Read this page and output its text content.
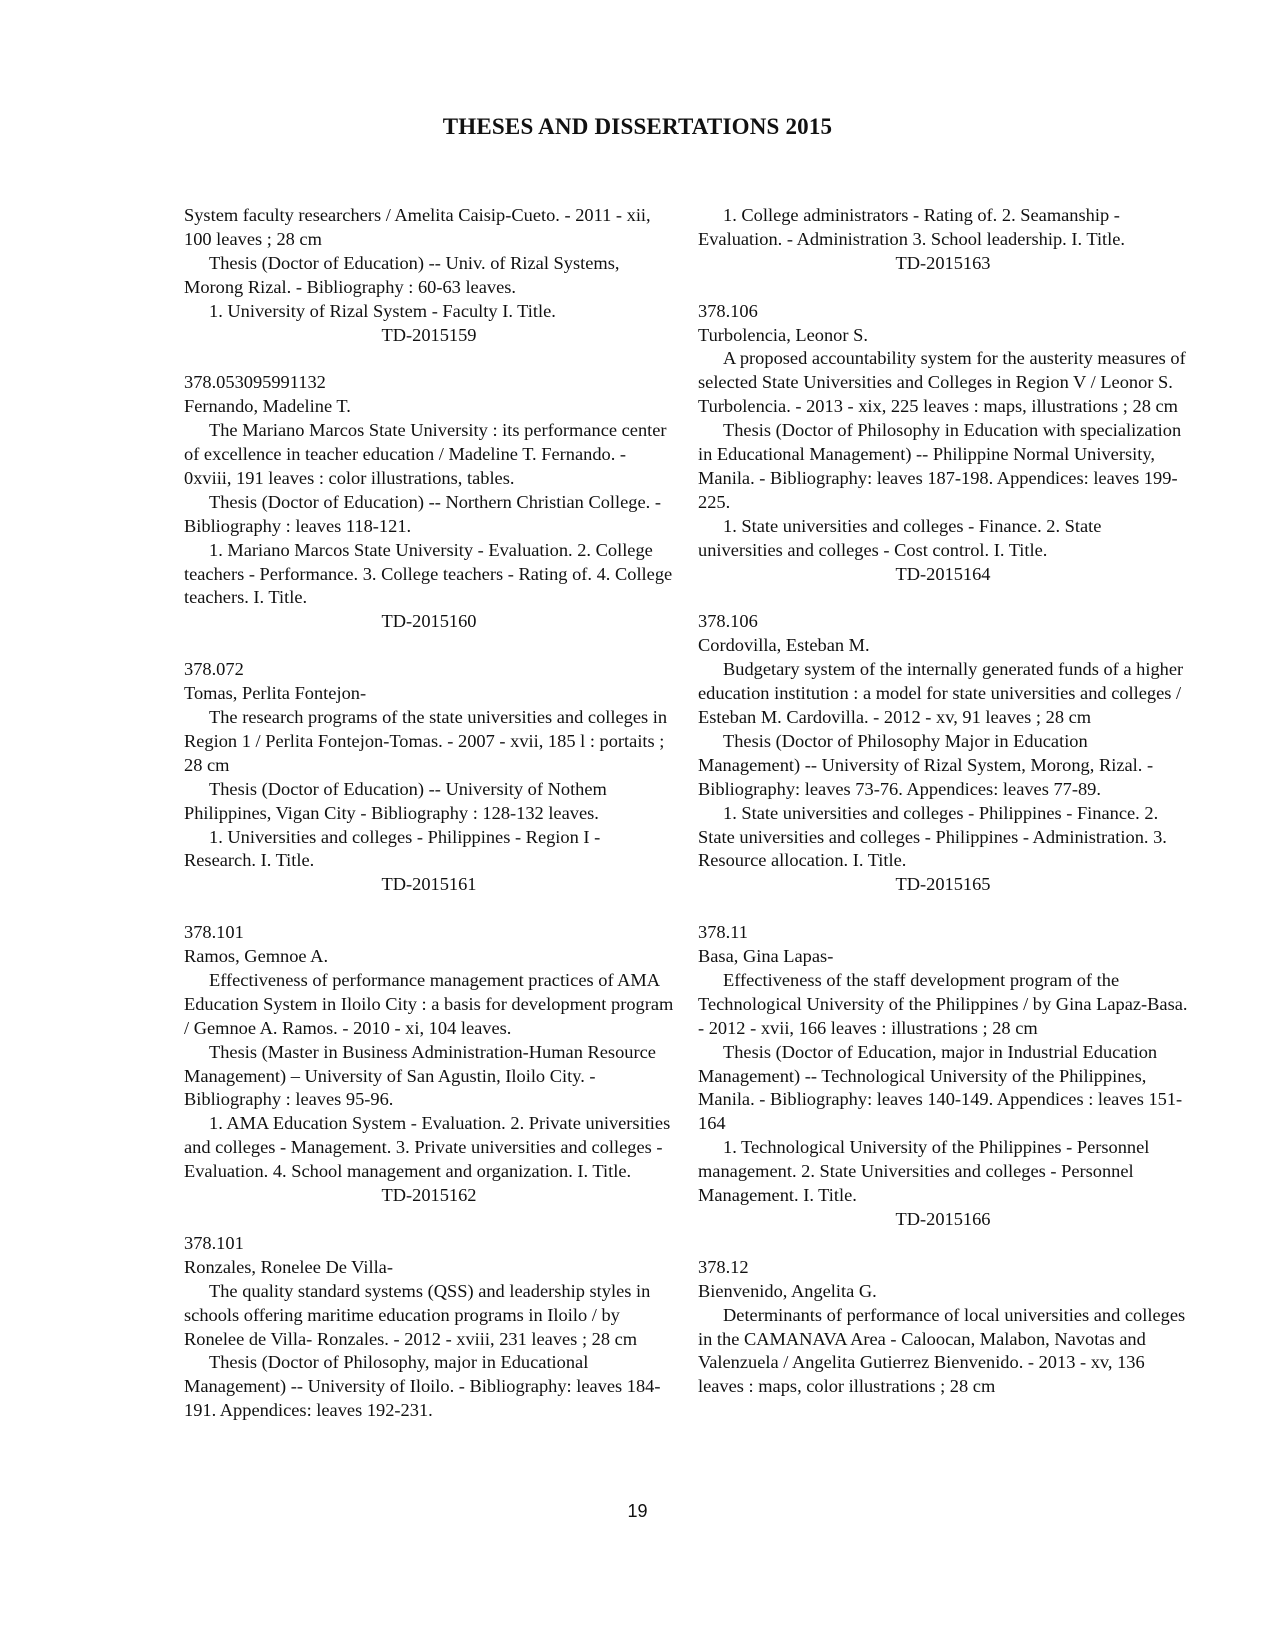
THESES AND DISSERTATIONS 2015

System faculty researchers / Amelita Caisip-Cueto. - 2011 - xii, 100 leaves ; 28 cm

Thesis (Doctor of Education) -- Univ. of Rizal Systems, Morong Rizal. - Bibliography : 60-63 leaves.

1. University of Rizal System - Faculty I. Title.

TD-2015159

378.053095991132

Fernando, Madeline T.

The Mariano Marcos State University : its performance center of excellence in teacher education / Madeline T. Fernando. - 0xviii, 191 leaves : color illustrations, tables.

Thesis (Doctor of Education) -- Northern Christian College. - Bibliography : leaves 118-121.

1. Mariano Marcos State University - Evaluation. 2. College teachers - Performance. 3. College teachers - Rating of. 4. College teachers. I. Title.

TD-2015160

378.072

Tomas, Perlita Fontejon-

The research programs of the state universities and colleges in Region 1 / Perlita Fontejon-Tomas. - 2007 - xvii, 185 l : portaits ; 28 cm

Thesis (Doctor of Education) -- University of Nothem Philippines, Vigan City - Bibliography : 128-132 leaves.

1. Universities and colleges - Philippines - Region I - Research. I. Title.

TD-2015161

378.101

Ramos, Gemnoe A.

Effectiveness of performance management practices of AMA Education System in Iloilo City : a basis for development program / Gemnoe A. Ramos. - 2010 - xi, 104 leaves.

Thesis (Master in Business Administration-Human Resource Management) – University of San Agustin, Iloilo City. - Bibliography : leaves 95-96.

1. AMA Education System - Evaluation. 2. Private universities and colleges - Management. 3. Private universities and colleges - Evaluation. 4. School management and organization. I. Title.

TD-2015162

378.101

Ronzales, Ronelee De Villa-

The quality standard systems (QSS) and leadership styles in schools offering maritime education programs in Iloilo / by Ronelee de Villa- Ronzales. - 2012 - xviii, 231 leaves ; 28 cm

Thesis (Doctor of Philosophy, major in Educational Management) -- University of Iloilo. - Bibliography: leaves 184-191. Appendices: leaves 192-231.

1. College administrators - Rating of. 2. Seamanship - Evaluation. - Administration 3. School leadership. I. Title.

TD-2015163

378.106

Turbolencia, Leonor S.

A proposed accountability system for the austerity measures of selected State Universities and Colleges in Region V / Leonor S. Turbolencia. - 2013 - xix, 225 leaves : maps, illustrations ; 28 cm

Thesis (Doctor of Philosophy in Education with specialization in Educational Management) -- Philippine Normal University, Manila. - Bibliography: leaves 187-198. Appendices: leaves 199-225.

1. State universities and colleges - Finance. 2. State universities and colleges - Cost control. I. Title.

TD-2015164

378.106

Cordovilla, Esteban M.

Budgetary system of the internally generated funds of a higher education institution : a model for state universities and colleges / Esteban M. Cardovilla. - 2012 - xv, 91 leaves ; 28 cm

Thesis (Doctor of Philosophy Major in Education Management) -- University of Rizal System, Morong, Rizal. - Bibliography: leaves 73-76. Appendices: leaves 77-89.

1. State universities and colleges - Philippines - Finance. 2. State universities and colleges - Philippines - Administration. 3. Resource allocation. I. Title.

TD-2015165

378.11

Basa, Gina Lapas-

Effectiveness of the staff development program of the Technological University of the Philippines / by Gina Lapaz-Basa. - 2012 - xvii, 166 leaves : illustrations ; 28 cm

Thesis (Doctor of Education, major in Industrial Education Management) -- Technological University of the Philippines, Manila. - Bibliography: leaves 140-149. Appendices : leaves 151-164

1. Technological University of the Philippines - Personnel management. 2. State Universities and colleges - Personnel Management. I. Title.

TD-2015166

378.12

Bienvenido, Angelita G.

Determinants of performance of local universities and colleges in the CAMANAVA Area - Caloocan, Malabon, Navotas and Valenzuela / Angelita Gutierrez Bienvenido. - 2013 - xv, 136 leaves : maps, color illustrations ; 28 cm

19
